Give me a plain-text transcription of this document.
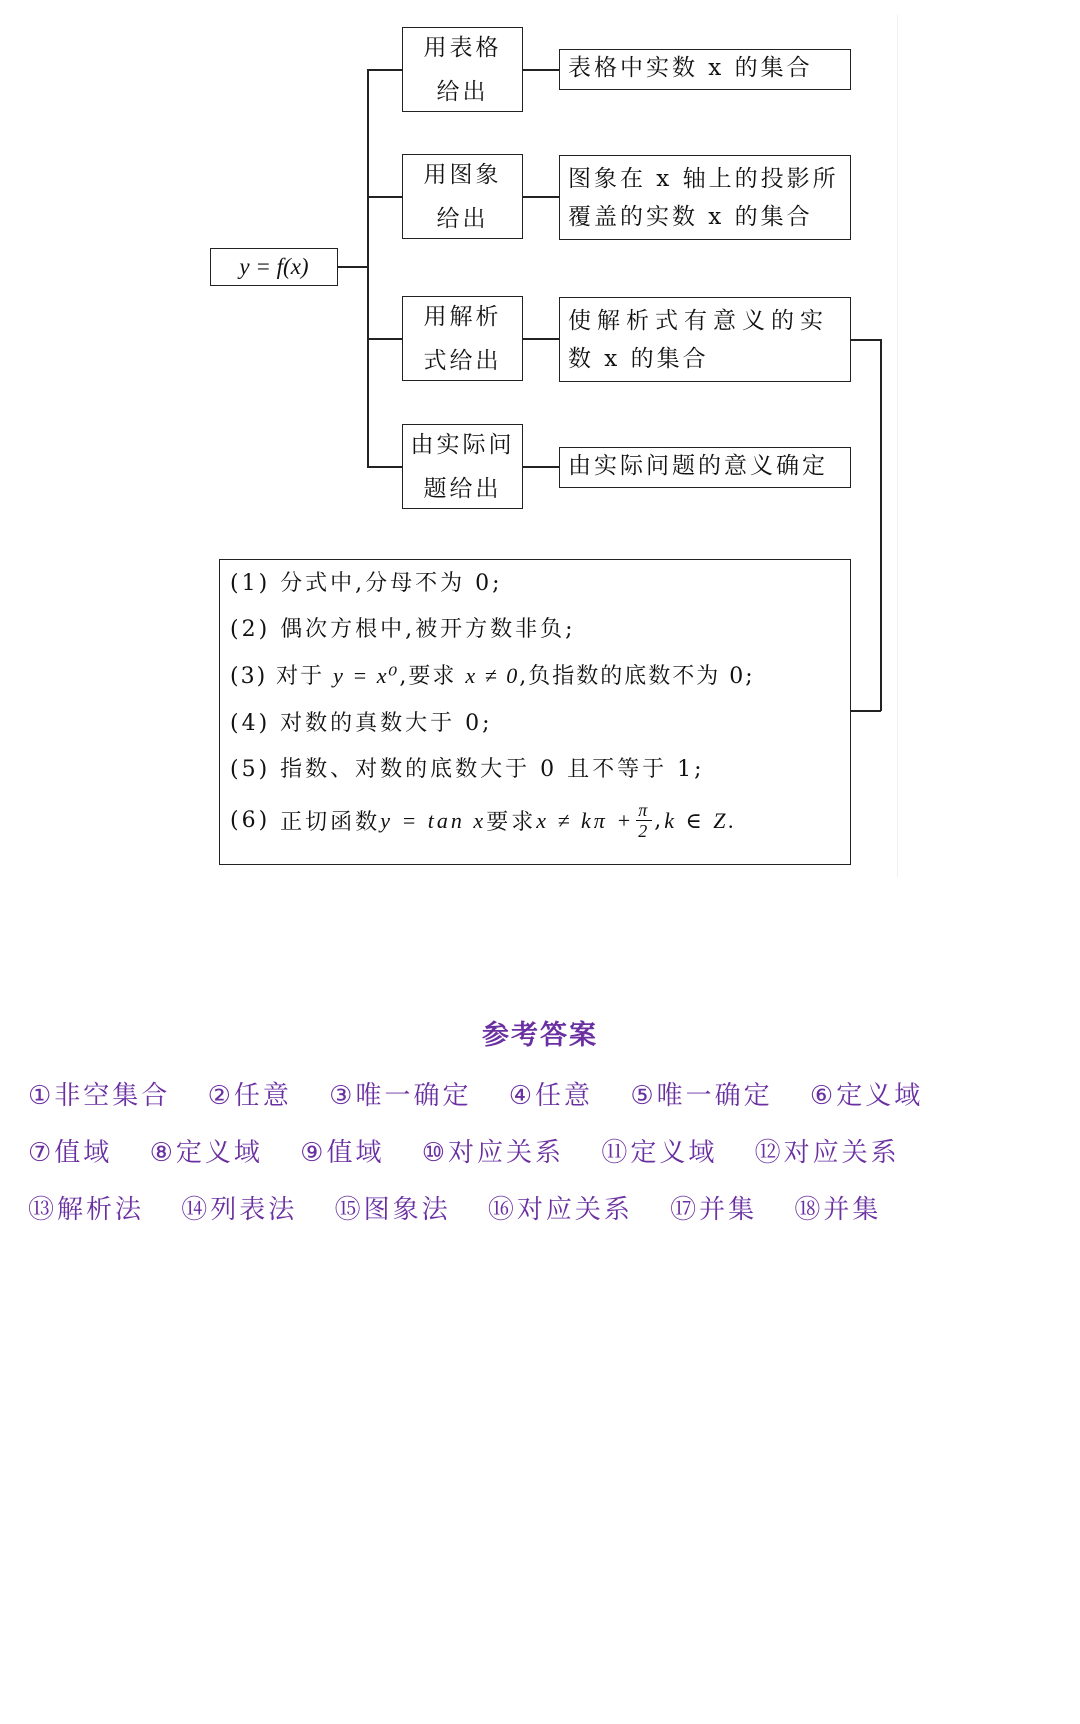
y = f(x)
用表格
给出
用图象
给出
用解析
式给出
由实际问
题给出
表格中实数 x 的集合
图象在 x 轴上的投影所
覆盖的实数 x 的集合
使解析式有意义的实
数 x 的集合
由实际问题的意义确定
(1) 分式中,分母不为 0;
(2) 偶次方根中,被开方数非负;
(3) 对于 y = x⁰,要求 x ≠ 0,负指数的底数不为 0;
(4) 对数的真数大于 0;
(5) 指数、对数的底数大于 0 且不等于 1;
(6)
正切函数 y = tan x 要求 $x \ne k\pi + \frac{\pi}{2}$ , k ∈ Z.
参考答案
①非空集合 ②任意 ③唯一确定 ④任意 ⑤唯一确定 ⑥定义域 ⑦值域 ⑧定义域 ⑨值域 ⑩对应关系 ⑪定义域 ⑫对应关系 ⑬解析法 ⑭列表法 ⑮图象法 ⑯对应关系 ⑰并集 ⑱并集
